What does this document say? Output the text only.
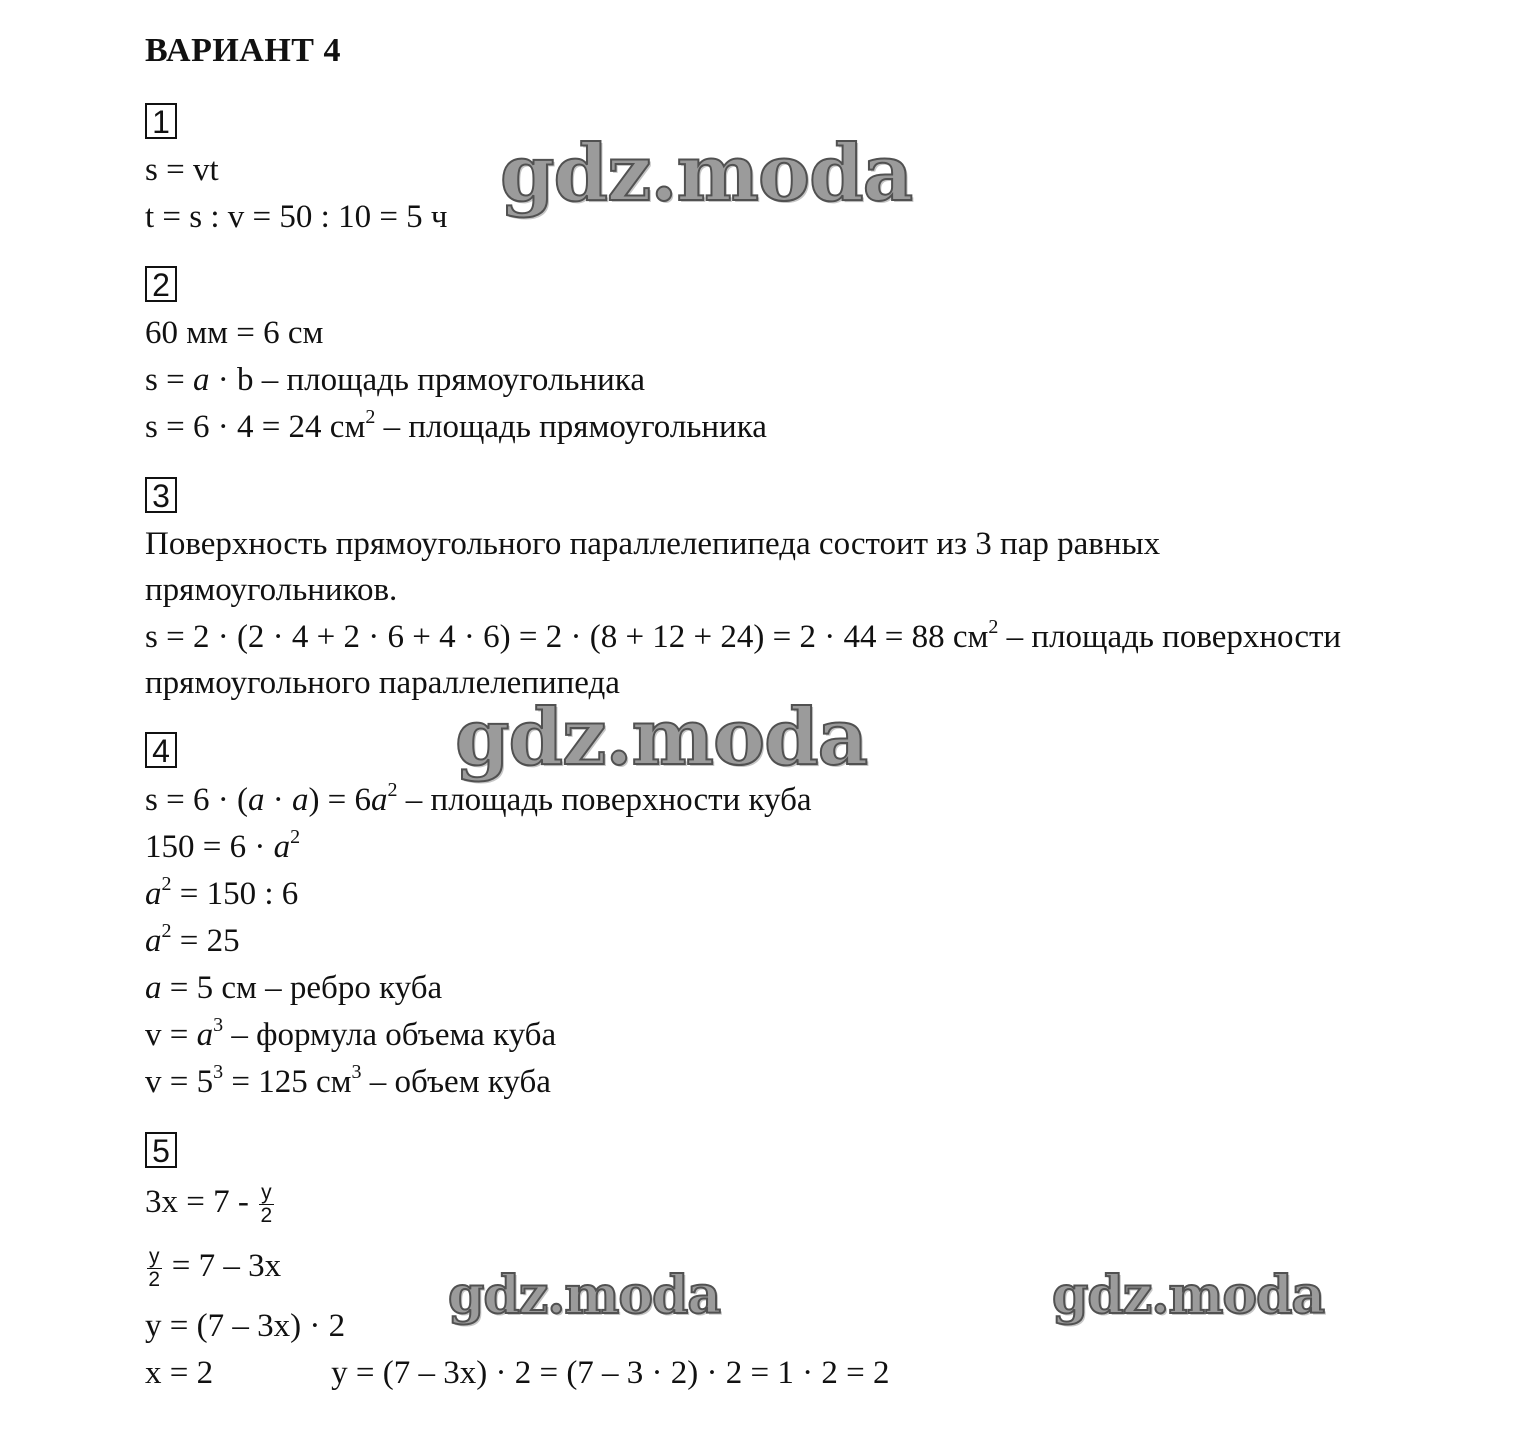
ВАРИАНТ 4
1
s = vt
t = s : v = 50 : 10 = 5 ч
2
60 мм = 6 см
s = a · b – площадь прямоугольника
s = 6 · 4 = 24 $см^2$ – площадь прямоугольника
3
Поверхность прямоугольного параллелепипеда состоит из 3 пар равных прямоугольников.
s = 2 · (2 · 4 + 2 · 6 + 4 · 6) = 2 · (8 + 12 + 24) = 2 · 44 = 88 $см^2$ – площадь поверхности прямоугольного параллелепипеда
4
$s = 6 \cdot (a \cdot a) = 6a^2$ – площадь поверхности куба
$150 = 6 \cdot a^2$
$a^2 = 150$ : 6
$a^2 = 25$
a = 5 см – ребро куба
$v = a^3$ – формула объема куба
$v = 5^3 = 125$ $см^3$ – объем куба
5
$3x = 7 - \frac{y}{2}$
$\frac{y}{2} = 7 - 3x$
y = (7 – 3x) · 2
x = 2	y = (7 – 3x) · 2 = (7 – 3 · 2) · 2 = 1 · 2 = 2
gdz.moda
gdz.moda
gdz.moda	gdz.moda
